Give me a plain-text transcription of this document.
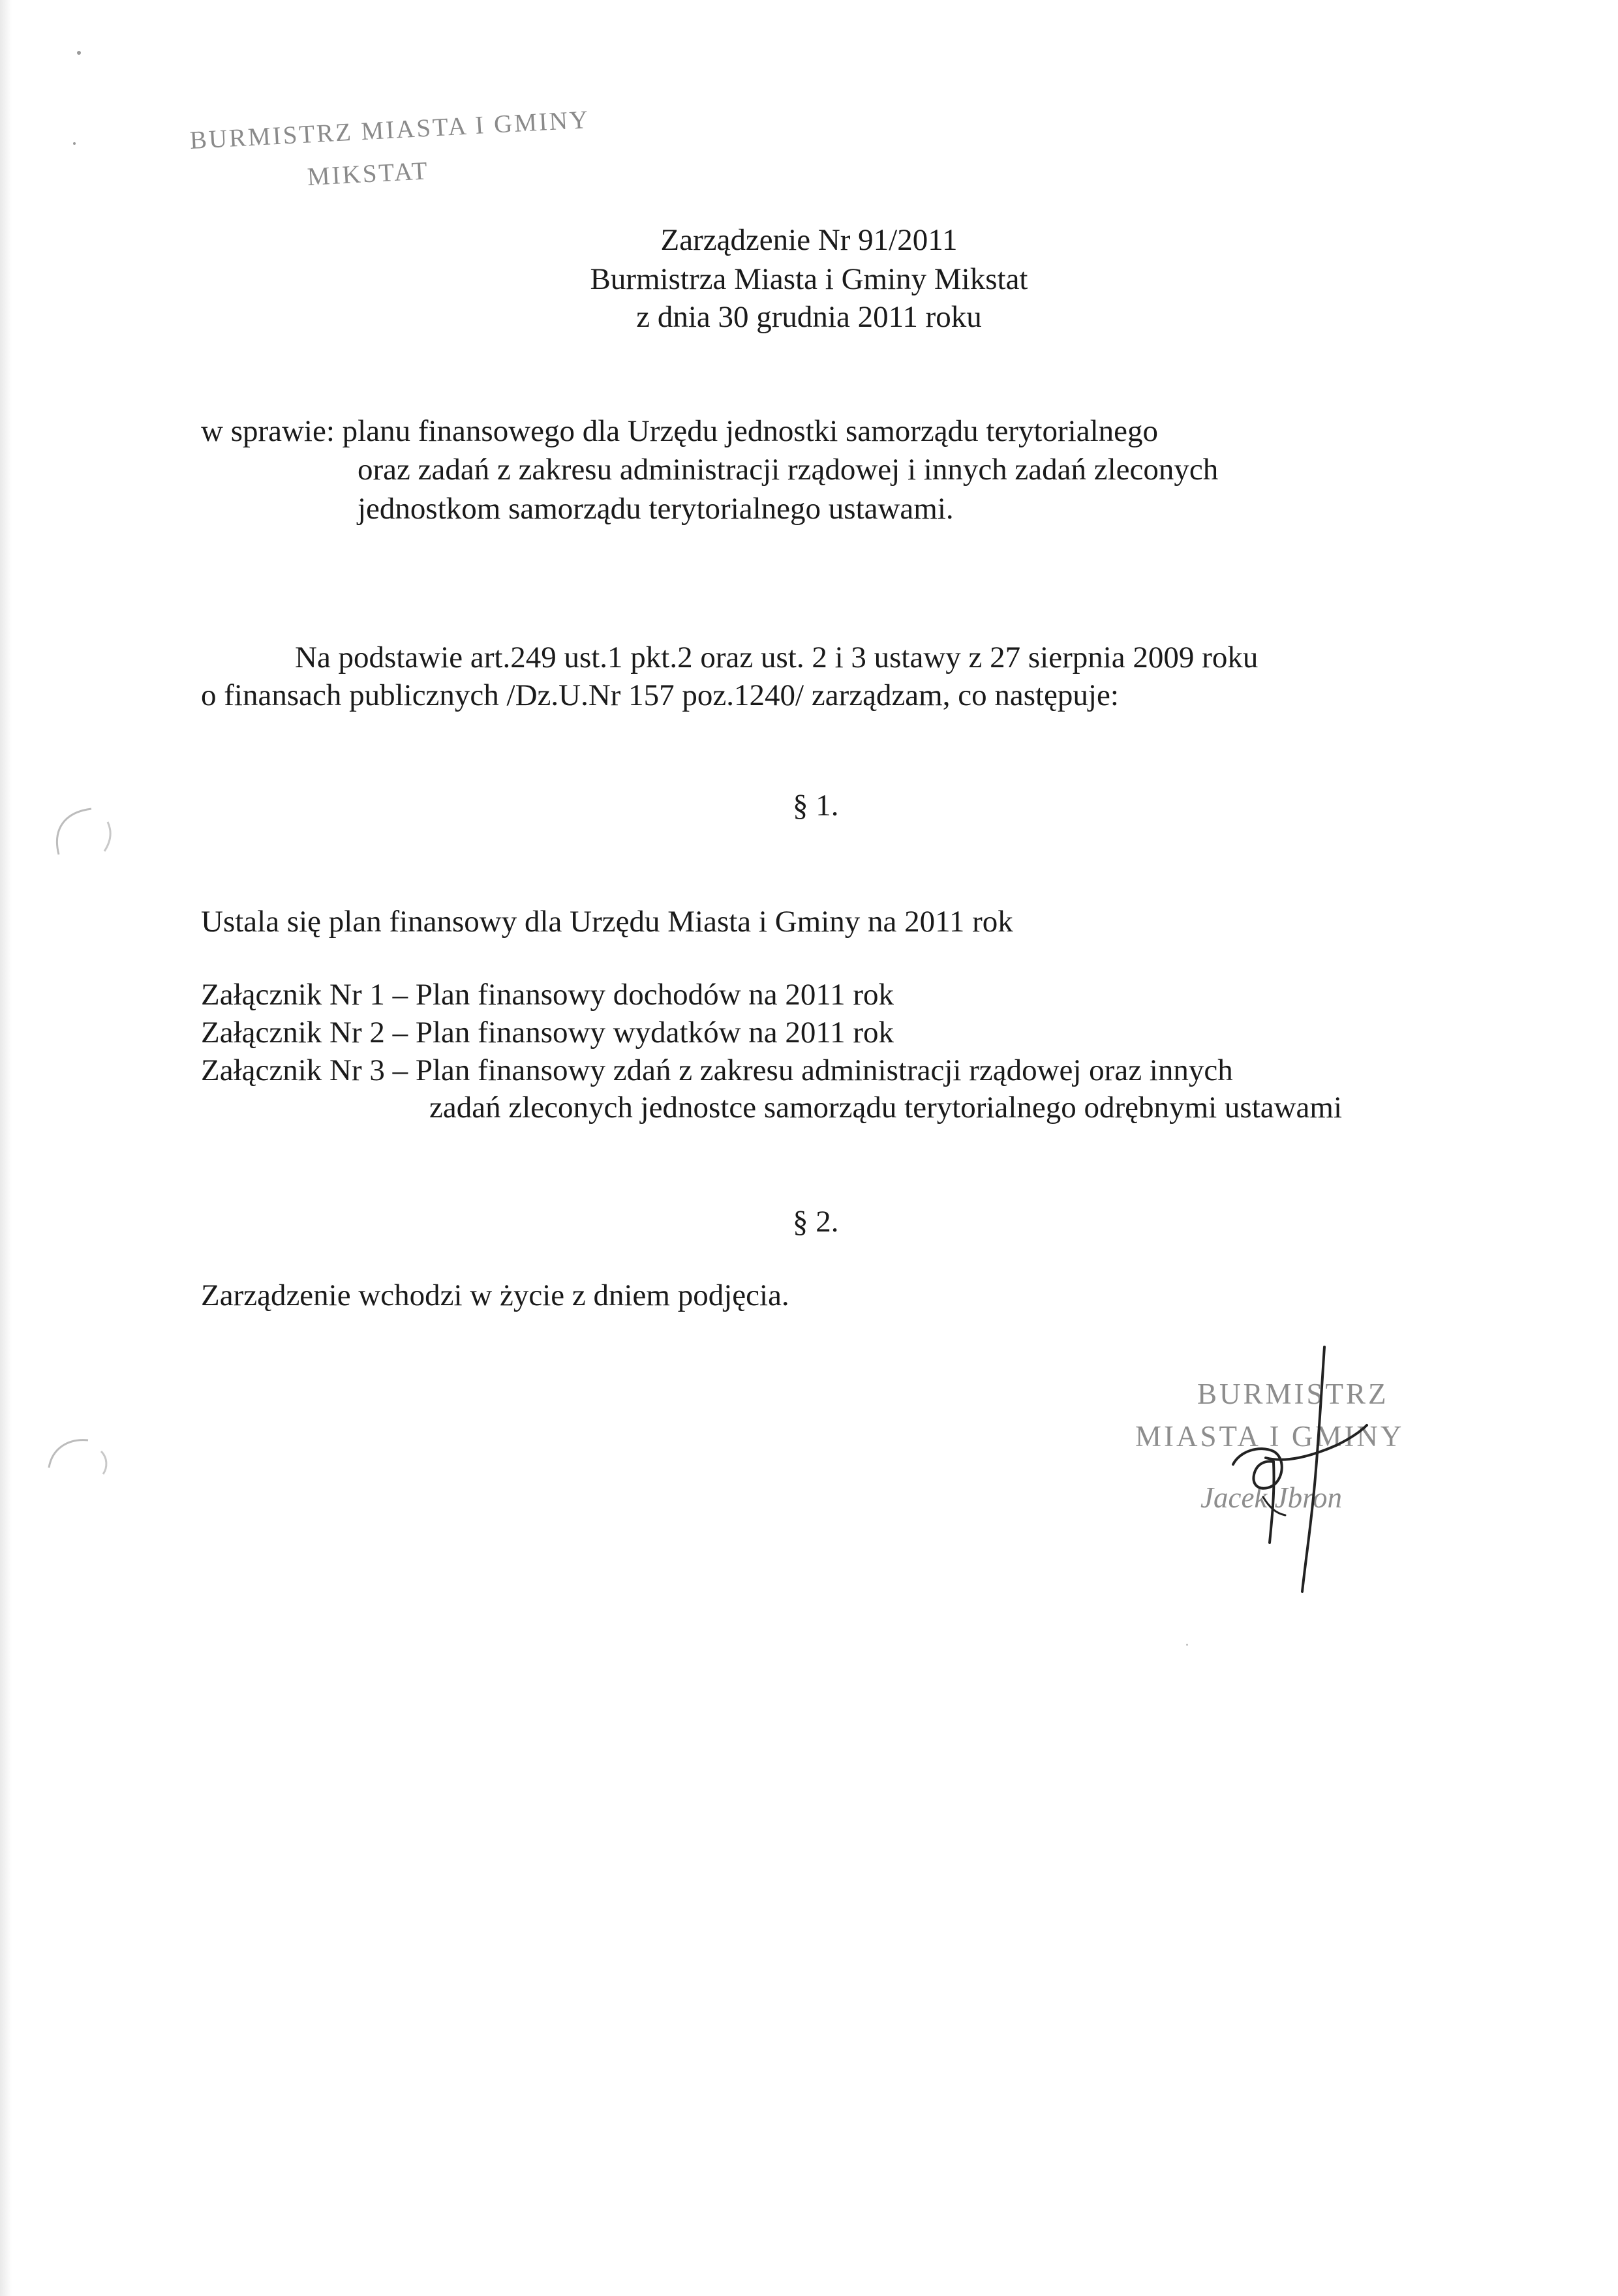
BURMISTRZ MIASTA I GMINY
MIKSTAT
Zarządzenie Nr 91/2011
Burmistrza Miasta i Gminy Mikstat
z dnia 30 grudnia 2011 roku
w sprawie: planu finansowego dla Urzędu jednostki samorządu terytorialnego
oraz zadań z zakresu administracji rządowej i innych zadań zleconych
jednostkom samorządu terytorialnego ustawami.
Na podstawie art.249 ust.1 pkt.2 oraz ust. 2 i 3 ustawy z 27 sierpnia 2009 roku
o finansach publicznych /Dz.U.Nr 157 poz.1240/ zarządzam, co następuje:
§ 1.
Ustala się plan finansowy dla Urzędu Miasta i Gminy na 2011 rok
Załącznik Nr 1 – Plan finansowy dochodów na 2011 rok
Załącznik Nr 2 – Plan finansowy wydatków na 2011 rok
Załącznik Nr 3 – Plan finansowy zdań z zakresu administracji rządowej oraz innych
zadań zleconych jednostce samorządu terytorialnego odrębnymi ustawami
§ 2.
Zarządzenie wchodzi w życie z dniem podjęcia.
BURMISTRZ
MIASTA I GMINY
Jacek Jbron
